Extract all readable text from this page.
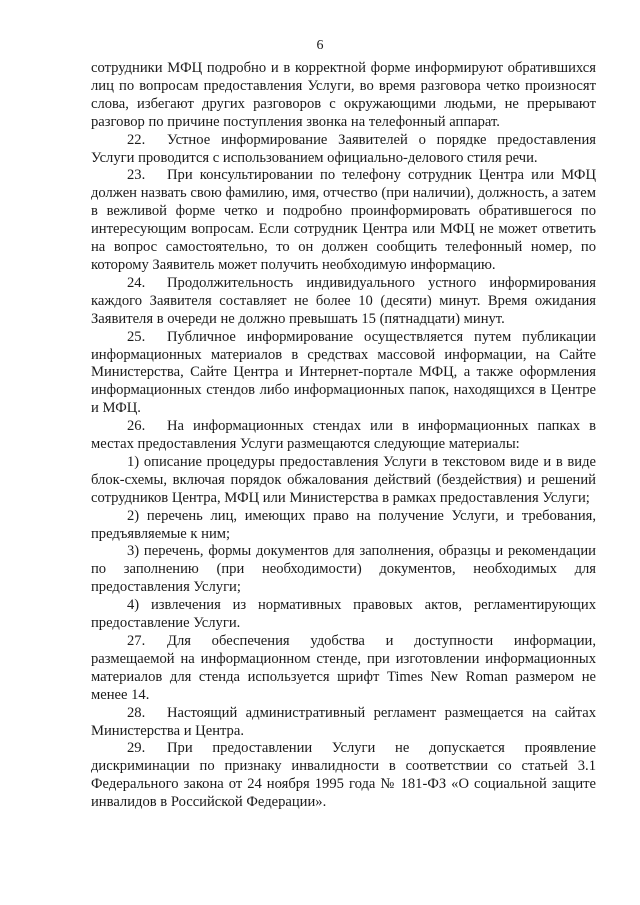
6

сотрудники МФЦ подробно и в корректной форме информируют обратившихся лиц по вопросам предоставления Услуги, во время разговора четко произносят слова, избегают других разговоров с окружающими людьми, не прерывают разговор по причине поступления звонка на телефонный аппарат.

22. Устное информирование Заявителей о порядке предоставления Услуги проводится с использованием официально-делового стиля речи.

23. При консультировании по телефону сотрудник Центра или МФЦ должен назвать свою фамилию, имя, отчество (при наличии), должность, а затем в вежливой форме четко и подробно проинформировать обратившегося по интересующим вопросам. Если сотрудник Центра или МФЦ не может ответить на вопрос самостоятельно, то он должен сообщить телефонный номер, по которому Заявитель может получить необходимую информацию.

24. Продолжительность индивидуального устного информирования каждого Заявителя составляет не более 10 (десяти) минут. Время ожидания Заявителя в очереди не должно превышать 15 (пятнадцати) минут.

25. Публичное информирование осуществляется путем публикации информационных материалов в средствах массовой информации, на Сайте Министерства, Сайте Центра и Интернет-портале МФЦ, а также оформления информационных стендов либо информационных папок, находящихся в Центре и МФЦ.

26. На информационных стендах или в информационных папках в местах предоставления Услуги размещаются следующие материалы:

1) описание процедуры предоставления Услуги в текстовом виде и в виде блок-схемы, включая порядок обжалования действий (бездействия) и решений сотрудников Центра, МФЦ или Министерства в рамках предоставления Услуги;

2) перечень лиц, имеющих право на получение Услуги, и требования, предъявляемые к ним;

3) перечень, формы документов для заполнения, образцы и рекомендации по заполнению (при необходимости) документов, необходимых для предоставления Услуги;

4) извлечения из нормативных правовых актов, регламентирующих предоставление Услуги.

27. Для обеспечения удобства и доступности информации, размещаемой на информационном стенде, при изготовлении информационных материалов для стенда используется шрифт Times New Roman размером не менее 14.

28. Настоящий административный регламент размещается на сайтах Министерства и Центра.

29. При предоставлении Услуги не допускается проявление дискриминации по признаку инвалидности в соответствии со статьей 3.1 Федерального закона от 24 ноября 1995 года № 181-ФЗ «О социальной защите инвалидов в Российской Федерации».
